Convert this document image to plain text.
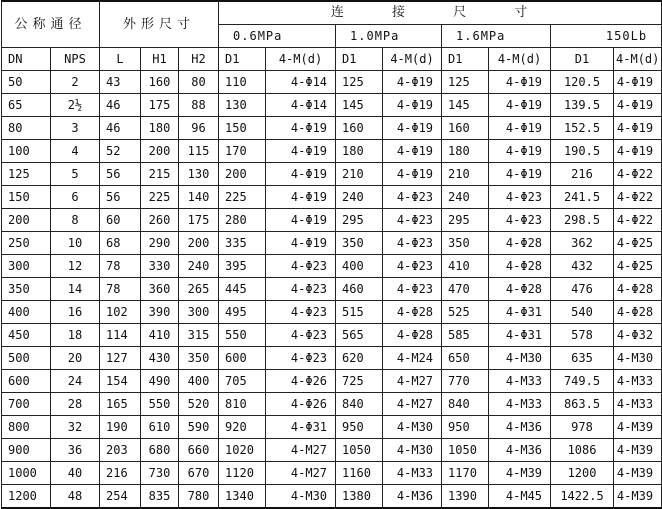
公称通径		外形尺寸			连 接 尺 寸							
					0.6MPa		1.0MPa		1.6MPa		150Lb	
DN	NPS	L	H1	H2	D1	4-M(d)	D1	4-M(d)	D1	4-M(d)	D1	4-M(d)
50	2	43	160	80	110	4-Φ14	125	4-Φ19	125	4-Φ19	120.5	4-Φ19
65	2½	46	175	88	130	4-Φ14	145	4-Φ19	145	4-Φ19	139.5	4-Φ19
80	3	46	180	96	150	4-Φ19	160	4-Φ19	160	4-Φ19	152.5	4-Φ19
100	4	52	200	115	170	4-Φ19	180	4-Φ19	180	4-Φ19	190.5	4-Φ19
125	5	56	215	130	200	4-Φ19	210	4-Φ19	210	4-Φ19	216	4-Φ22
150	6	56	225	140	225	4-Φ19	240	4-Φ23	240	4-Φ23	241.5	4-Φ22
200	8	60	260	175	280	4-Φ19	295	4-Φ23	295	4-Φ23	298.5	4-Φ22
250	10	68	290	200	335	4-Φ19	350	4-Φ23	350	4-Φ28	362	4-Φ25
300	12	78	330	240	395	4-Φ23	400	4-Φ23	410	4-Φ28	432	4-Φ25
350	14	78	360	265	445	4-Φ23	460	4-Φ23	470	4-Φ28	476	4-Φ28
400	16	102	390	300	495	4-Φ23	515	4-Φ28	525	4-Φ31	540	4-Φ28
450	18	114	410	315	550	4-Φ23	565	4-Φ28	585	4-Φ31	578	4-Φ32
500	20	127	430	350	600	4-Φ23	620	4-M24	650	4-M30	635	4-M30
600	24	154	490	400	705	4-Φ26	725	4-M27	770	4-M33	749.5	4-M33
700	28	165	550	520	810	4-Φ26	840	4-M27	840	4-M33	863.5	4-M33
800	32	190	610	590	920	4-Φ31	950	4-M30	950	4-M36	978	4-M39
900	36	203	680	660	1020	4-M27	1050	4-M30	1050	4-M36	1086	4-M39
1000	40	216	730	670	1120	4-M27	1160	4-M33	1170	4-M39	1200	4-M39
1200	48	254	835	780	1340	4-M30	1380	4-M36	1390	4-M45	1422.5	4-M39
